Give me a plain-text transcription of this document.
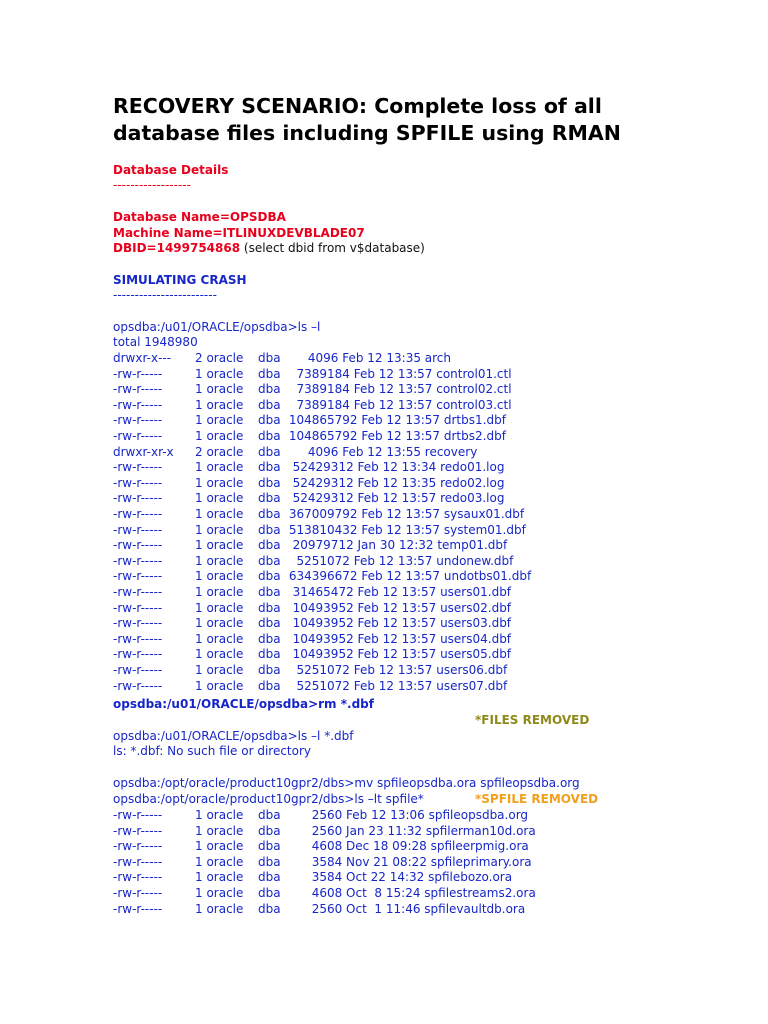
RECOVERY SCENARIO: Complete loss of all
database files including SPFILE using RMAN
Database Details
------------------
Database Name=OPSDBA
Machine Name=ITLINUXDEVBLADE07
DBID=1499754868 (select dbid from v$database)
SIMULATING CRASH
------------------------
opsdba:/u01/ORACLE/opsdba>ls –l
total 1948980
drwxr-x--- 2 oracle dba 4096 Feb 12 13:35 arch
-rw-r-----	1 oracle dba 7389184 Feb 12 13:57 control01.ctl
-rw-r-----	1 oracle dba 7389184 Feb 12 13:57 control02.ctl
-rw-r-----	1 oracle dba 7389184 Feb 12 13:57 control03.ctl
-rw-r-----	1 oracle dba 104865792 Feb 12 13:57 drtbs1.dbf
-rw-r-----	1 oracle dba 104865792 Feb 12 13:57 drtbs2.dbf
drwxr-xr-x 2 oracle dba 4096 Feb 12 13:55 recovery
-rw-r-----	1 oracle dba 52429312 Feb 12 13:34 redo01.log
-rw-r-----	1 oracle dba 52429312 Feb 12 13:35 redo02.log
-rw-r-----	1 oracle dba 52429312 Feb 12 13:57 redo03.log
-rw-r-----	1 oracle dba 367009792 Feb 12 13:57 sysaux01.dbf
-rw-r-----	1 oracle dba 513810432 Feb 12 13:57 system01.dbf
-rw-r-----	1 oracle dba 20979712 Jan 30 12:32 temp01.dbf
-rw-r-----	1 oracle dba 5251072 Feb 12 13:57 undonew.dbf
-rw-r-----	1 oracle dba 634396672 Feb 12 13:57 undotbs01.dbf
-rw-r-----	1 oracle dba 31465472 Feb 12 13:57 users01.dbf
-rw-r-----	1 oracle dba 10493952 Feb 12 13:57 users02.dbf
-rw-r-----	1 oracle dba 10493952 Feb 12 13:57 users03.dbf
-rw-r-----	1 oracle dba 10493952 Feb 12 13:57 users04.dbf
-rw-r-----	1 oracle dba 10493952 Feb 12 13:57 users05.dbf
-rw-r-----	1 oracle dba 5251072 Feb 12 13:57 users06.dbf
-rw-r-----	1 oracle dba 5251072 Feb 12 13:57 users07.dbf
opsdba:/u01/ORACLE/opsdba>rm *.dbf
*FILES REMOVED
opsdba:/u01/ORACLE/opsdba>ls –l *.dbf
ls: *.dbf: No such file or directory
opsdba:/opt/oracle/product10gpr2/dbs>mv spfileopsdba.ora spfileopsdba.org
opsdba:/opt/oracle/product10gpr2/dbs>ls –lt spfile*	*SPFILE REMOVED
-rw-r-----	1 oracle dba 2560 Feb 12 13:06 spfileopsdba.org
-rw-r-----	1 oracle dba 2560 Jan 23 11:32 spfilerman10d.ora
-rw-r-----	1 oracle dba 4608 Dec 18 09:28 spfileerpmig.ora
-rw-r-----	1 oracle dba 3584 Nov 21 08:22 spfileprimary.ora
-rw-r-----	1 oracle dba 3584 Oct 22 14:32 spfilebozo.ora
-rw-r-----	1 oracle dba 4608 Oct  8 15:24 spfilestreams2.ora
-rw-r-----	1 oracle dba 2560 Oct  1 11:46 spfilevaultdb.ora
